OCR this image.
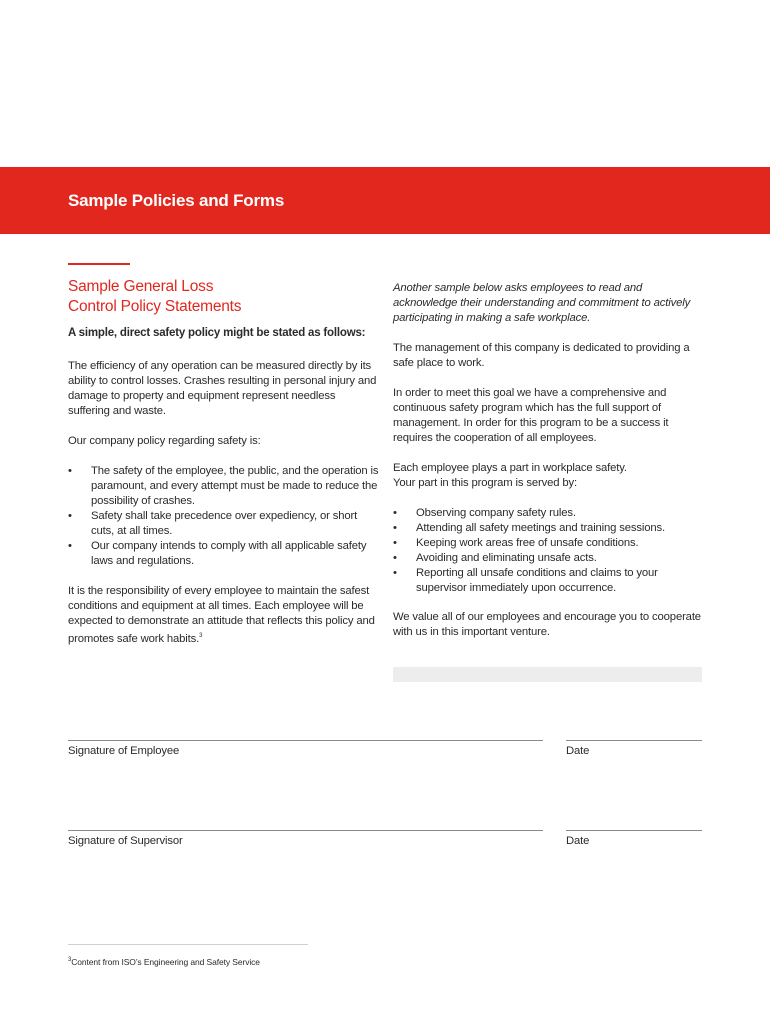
Sample Policies and Forms
Sample General Loss
Control Policy Statements
A simple, direct safety policy might be stated as follows:

The efficiency of any operation can be measured directly by its ability to control losses. Crashes resulting in personal injury and damage to property and equipment represent needless suffering and waste.

Our company policy regarding safety is:

• The safety of the employee, the public, and the operation is paramount, and every attempt must be made to reduce the possibility of crashes.
• Safety shall take precedence over expediency, or short cuts, at all times.
• Our company intends to comply with all applicable safety laws and regulations.

It is the responsibility of every employee to maintain the safest conditions and equipment at all times. Each employee will be expected to demonstrate an attitude that reflects this policy and promotes safe work habits.$^3$

Another sample below asks employees to read and acknowledge their understanding and commitment to actively participating in making a safe workplace.

The management of this company is dedicated to providing a safe place to work.

In order to meet this goal we have a comprehensive and continuous safety program which has the full support of management. In order for this program to be a success it requires the cooperation of all employees.

Each employee plays a part in workplace safety.
Your part in this program is served by:

• Observing company safety rules.
• Attending all safety meetings and training sessions.
• Keeping work areas free of unsafe conditions.
• Avoiding and eliminating unsafe acts.
• Reporting all unsafe conditions and claims to your supervisor immediately upon occurrence.

We value all of our employees and encourage you to cooperate with us in this important venture.

Signature of Employee	Date
Signature of Supervisor	Date
$^3$Content from ISO’s Engineering and Safety Service
